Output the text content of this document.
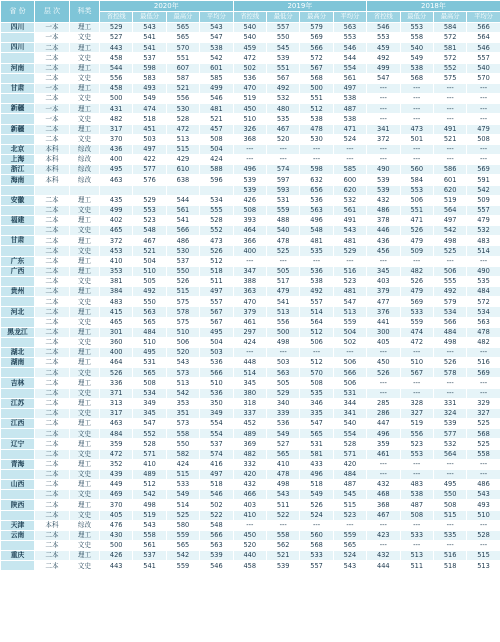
省 份	层 次	科类	2020年				2019年				2018年			
			省控线	最低分	最高分	平均分	省控线	最低分	最高分	平均分	省控线	最低分	最高分	平均分
四川	一本	理工	529	543	565	543	540	557	579	563	546	553	584	566
	一本	文史	527	541	565	547	540	550	569	553	553	558	572	564
四川	二本	理工	443	541	570	538	459	545	566	546	459	540	581	546
	二本	文史	458	537	551	542	472	539	572	544	492	549	572	557
河南	二本	理工	544	598	607	601	502	551	567	554	499	538	552	540
	二本	文史	556	583	587	585	536	567	568	561	547	568	575	570
甘肃	一本	理工	458	493	521	499	470	492	500	497	---	---	---	---
	二本	文史	500	549	556	546	519	532	551	538	---	---	---	---
新疆	一本	理工	431	474	530	481	450	480	512	487	---	---	---	---
	一本	文史	482	518	528	521	510	535	538	538	---	---	---	---
新疆	二本	理工	317	451	472	457	326	467	478	471	341	473	491	479
	二本	文史	370	503	513	508	368	520	530	524	372	501	521	508
北京	本科	综改	436	497	515	504	---	---	---	---	---	---	---	---
上海	本科	综改	400	422	429	424	---	---	---	---	---	---	---	---
浙江	本科	综改	495	577	610	588	496	574	598	585	490	560	586	569
海南	本科	综改	463	576	638	596	539	597	632	600	539	584	601	591
							539	593	656	620	539	553	620	542
安徽	二本	理工	435	529	544	534	426	531	536	532	432	506	519	509
	二本	文史	499	553	561	555	508	559	563	561	486	551	564	557
福建	二本	理工	402	523	541	528	393	488	496	491	378	471	497	479
	二本	文史	465	548	566	552	464	540	548	543	446	526	542	532
甘肃	二本	理工	372	467	486	473	366	478	481	481	436	479	498	483
	二本	文史	453	521	530	526	400	525	535	529	456	509	525	514
广东	二本	理工	410	504	537	512	---	---	---	---	---	---	---	---
广西	二本	理工	353	510	550	518	347	505	536	516	345	482	506	490
	二本	文史	381	505	526	511	388	517	538	523	403	526	555	535
贵州	二本	理工	384	492	515	497	363	479	492	481	379	479	492	484
	二本	文史	483	550	575	557	470	541	557	547	477	569	579	572
河北	二本	理工	415	563	578	567	379	513	514	513	376	533	534	534
	二本	文史	465	565	575	567	461	556	564	559	441	559	566	563
黑龙江	二本	理工	301	484	510	495	297	500	512	504	300	474	484	478
	二本	文史	360	510	506	504	424	498	506	502	405	472	498	482
湖北	二本	理工	400	495	520	503	---	---	---	---	---	---	---	---
湖南	二本	理工	464	531	543	536	448	503	512	506	450	510	526	516
	二本	文史	526	565	573	566	514	563	570	566	526	567	578	569
吉林	二本	理工	336	508	513	510	345	505	508	506	---	---	---	---
	二本	文史	371	534	542	536	380	529	535	531	---	---	---	---
江苏	二本	理工	313	349	353	350	318	340	346	344	285	328	331	329
	二本	文史	317	345	351	349	337	339	335	341	286	327	324	327
江西	二本	理工	463	547	573	554	452	536	547	540	447	519	539	525
	二本	文史	484	552	558	554	489	549	565	554	496	556	577	568
辽宁	二本	理工	359	528	550	537	369	527	531	528	359	523	532	525
	二本	文史	472	571	582	574	482	565	581	571	461	553	564	558
青海	二本	理工	352	410	424	416	332	410	433	420	---	---	---	---
	二本	文史	439	489	515	497	420	478	496	484	---	---	---	---
山西	二本	理工	449	512	533	518	432	498	518	487	432	483	495	486
	二本	文史	469	542	549	546	466	543	549	545	468	538	550	543
陕西	二本	理工	370	498	514	502	403	511	526	515	368	487	508	493
	二本	文史	405	519	525	522	410	522	524	523	467	508	515	510
天津	本科	综改	476	543	580	548	---	---	---	---	---	---	---	---
云南	二本	理工	430	558	559	566	450	558	560	559	423	533	535	528
	二本	文史	500	561	565	563	520	562	568	565	---	---	---	---
重庆	二本	理工	426	537	542	539	440	521	533	524	432	513	516	515
	二本	文史	443	541	559	546	458	539	557	543	444	511	518	513
